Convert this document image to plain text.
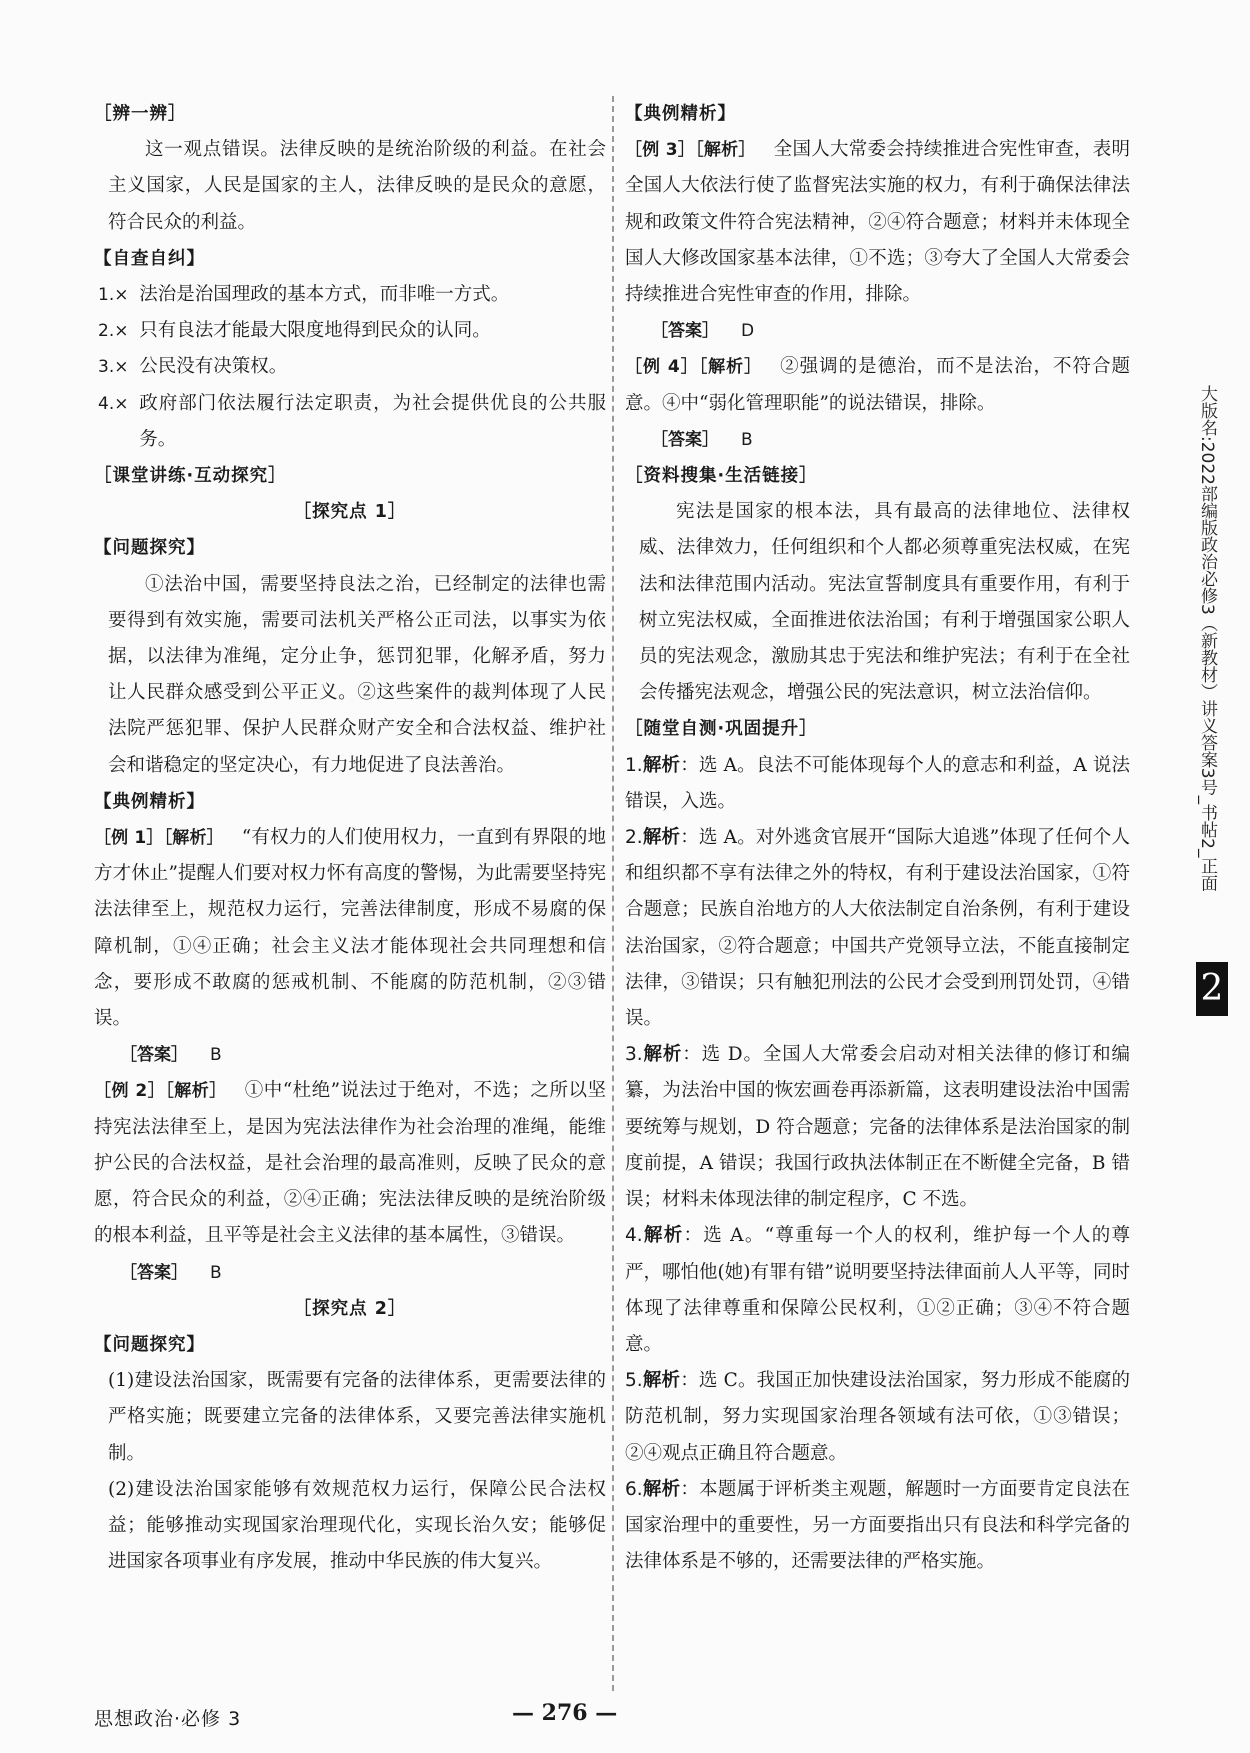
［辨一辨］
这一观点错误。法律反映的是统治阶级的利益。在社会主义国家，人民是国家的主人，法律反映的是民众的意愿，符合民众的利益。
【自查自纠】
1.× 法治是治国理政的基本方式，而非唯一方式。
2.× 只有良法才能最大限度地得到民众的认同。
3.× 公民没有决策权。
4.× 政府部门依法履行法定职责，为社会提供优良的公共服务。
［课堂讲练·互动探究］
［探究点 1］
【问题探究】
①法治中国，需要坚持良法之治，已经制定的法律也需要得到有效实施，需要司法机关严格公正司法，以事实为依据，以法律为准绳，定分止争，惩罚犯罪，化解矛盾，努力让人民群众感受到公平正义。②这些案件的裁判体现了人民法院严惩犯罪、保护人民群众财产安全和合法权益、维护社会和谐稳定的坚定决心，有力地促进了良法善治。
【典例精析】
［例 1］［解析］ “有权力的人们使用权力，一直到有界限的地方才休止”提醒人们要对权力怀有高度的警惕，为此需要坚持宪法法律至上，规范权力运行，完善法律制度，形成不易腐的保障机制，①④正确；社会主义法才能体现社会共同理想和信念，要形成不敢腐的惩戒机制、不能腐的防范机制，②③错误。
［答案］ B
［例 2］［解析］ ①中“杜绝”说法过于绝对，不选；之所以坚持宪法法律至上，是因为宪法法律作为社会治理的准绳，能维护公民的合法权益，是社会治理的最高准则，反映了民众的意愿，符合民众的利益，②④正确；宪法法律反映的是统治阶级的根本利益，且平等是社会主义法律的基本属性，③错误。
［答案］ B
［探究点 2］
【问题探究】
(1)建设法治国家，既需要有完备的法律体系，更需要法律的严格实施；既要建立完备的法律体系，又要完善法律实施机制。
(2)建设法治国家能够有效规范权力运行，保障公民合法权益；能够推动实现国家治理现代化，实现长治久安；能够促进国家各项事业有序发展，推动中华民族的伟大复兴。
【典例精析】
［例 3］［解析］ 全国人大常委会持续推进合宪性审查，表明全国人大依法行使了监督宪法实施的权力，有利于确保法律法规和政策文件符合宪法精神，②④符合题意；材料并未体现全国人大修改国家基本法律，①不选；③夸大了全国人大常委会持续推进合宪性审查的作用，排除。
［答案］ D
［例 4］［解析］ ②强调的是德治，而不是法治，不符合题意。④中“弱化管理职能”的说法错误，排除。
［答案］ B
［资料搜集·生活链接］
宪法是国家的根本法，具有最高的法律地位、法律权威、法律效力，任何组织和个人都必须尊重宪法权威，在宪法和法律范围内活动。宪法宣誓制度具有重要作用，有利于树立宪法权威，全面推进依法治国；有利于增强国家公职人员的宪法观念，激励其忠于宪法和维护宪法；有利于在全社会传播宪法观念，增强公民的宪法意识，树立法治信仰。
［随堂自测·巩固提升］
1.解析：选 A。良法不可能体现每个人的意志和利益，A 说法错误，入选。
2.解析：选 A。对外逃贪官展开“国际大追逃”体现了任何个人和组织都不享有法律之外的特权，有利于建设法治国家，①符合题意；民族自治地方的人大依法制定自治条例，有利于建设法治国家，②符合题意；中国共产党领导立法，不能直接制定法律，③错误；只有触犯刑法的公民才会受到刑罚处罚，④错误。
3.解析：选 D。全国人大常委会启动对相关法律的修订和编纂，为法治中国的恢宏画卷再添新篇，这表明建设法治中国需要统筹与规划，D 符合题意；完备的法律体系是法治国家的制度前提，A 错误；我国行政执法体制正在不断健全完备，B 错误；材料未体现法律的制定程序，C 不选。
4.解析：选 A。“尊重每一个人的权利，维护每一个人的尊严，哪怕他(她)有罪有错”说明要坚持法律面前人人平等，同时体现了法律尊重和保障公民权利，①②正确；③④不符合题意。
5.解析：选 C。我国正加快建设法治国家，努力形成不能腐的防范机制，努力实现国家治理各领域有法可依，①③错误；②④观点正确且符合题意。
6.解析：本题属于评析类主观题，解题时一方面要肯定良法在国家治理中的重要性，另一方面要指出只有良法和科学完备的法律体系是不够的，还需要法律的严格实施。
思想政治·必修 3	— 276 —
大版名:2022部编版政治必修3（新教材）讲义答案3号_书帖2_正面
2
